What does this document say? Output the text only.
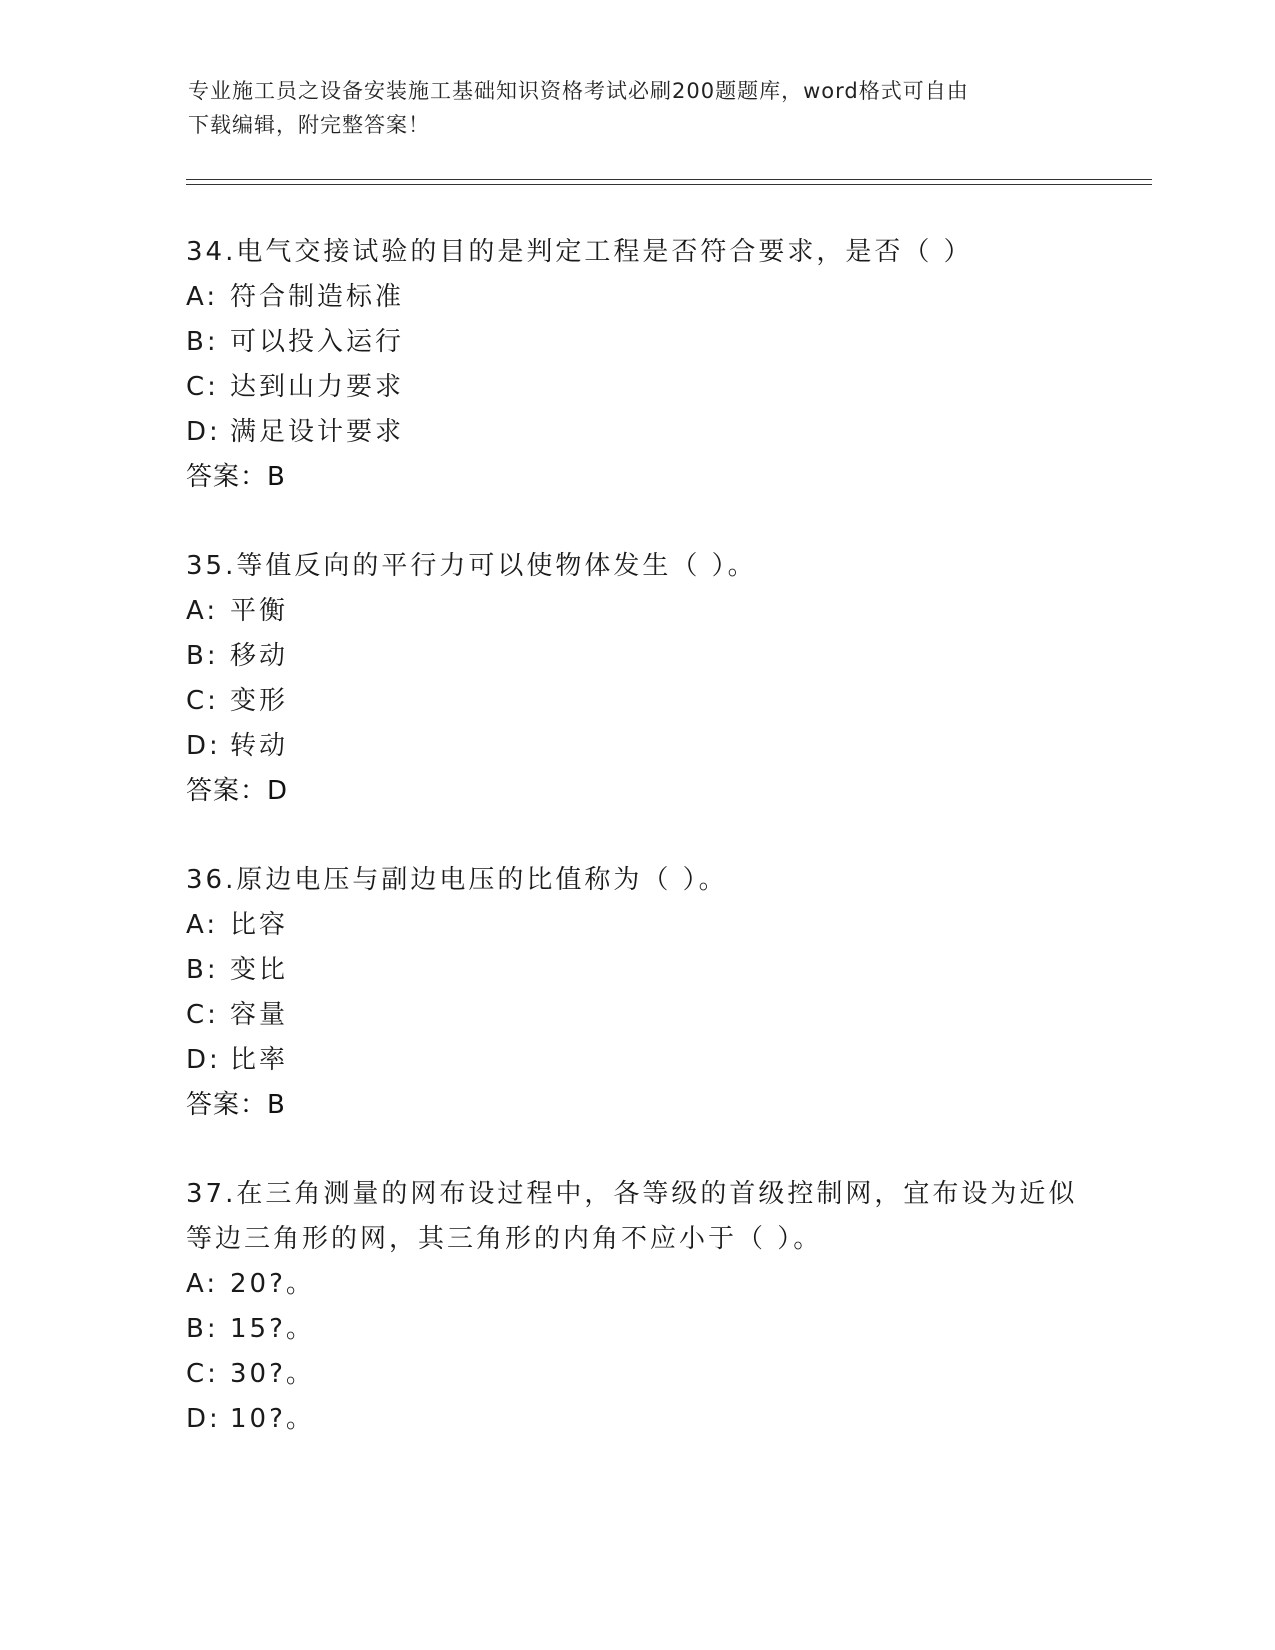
专业施工员之设备安装施工基础知识资格考试必刷200题题库，word格式可自由
下载编辑，附完整答案！
34.电气交接试验的目的是判定工程是否符合要求，是否（ ）
A: 符合制造标准
B: 可以投入运行
C: 达到山力要求
D: 满足设计要求
答案：B
35.等值反向的平行力可以使物体发生（ ）。
A: 平衡
B: 移动
C: 变形
D: 转动
答案：D
36.原边电压与副边电压的比值称为（ ）。
A: 比容
B: 变比
C: 容量
D: 比率
答案：B
37.在三角测量的网布设过程中，各等级的首级控制网，宜布设为近似等边三角形的网，其三角形的内角不应小于（ ）。
A: 20?。
B: 15?。
C: 30?。
D: 10?。
